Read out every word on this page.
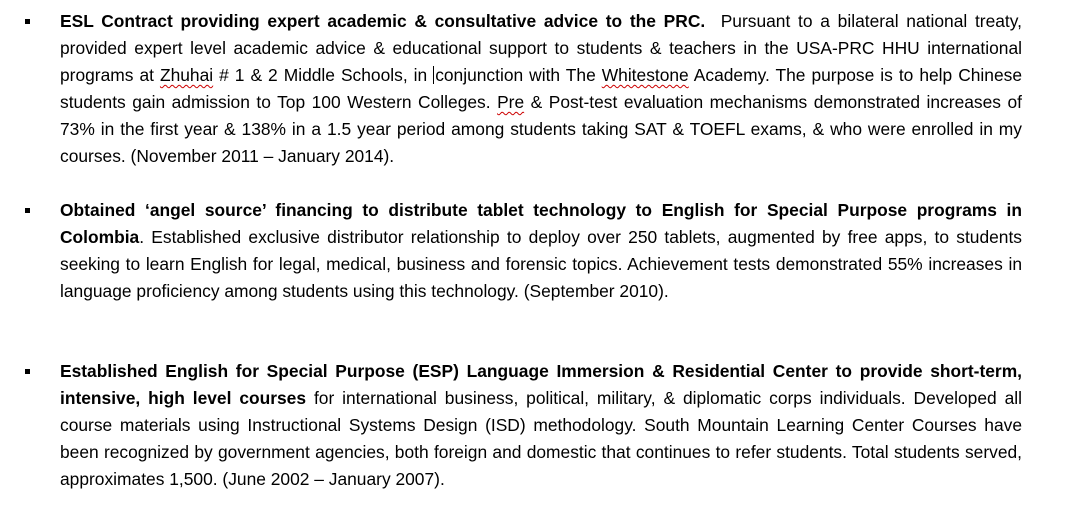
ESL Contract providing expert academic & consultative advice to the PRC. Pursuant to a bilateral national treaty, provided expert level academic advice & educational support to students & teachers in the USA-PRC HHU international programs at Zhuhai # 1 & 2 Middle Schools, in conjunction with The Whitestone Academy. The purpose is to help Chinese students gain admission to Top 100 Western Colleges. Pre & Post-test evaluation mechanisms demonstrated increases of 73% in the first year & 138% in a 1.5 year period among students taking SAT & TOEFL exams, & who were enrolled in my courses. (November 2011 – January 2014).

Obtained ‘angel source’ financing to distribute tablet technology to English for Special Purpose programs in Colombia. Established exclusive distributor relationship to deploy over 250 tablets, augmented by free apps, to students seeking to learn English for legal, medical, business and forensic topics. Achievement tests demonstrated 55% increases in language proficiency among students using this technology. (September 2010).

Established English for Special Purpose (ESP) Language Immersion & Residential Center to provide short-term, intensive, high level courses for international business, political, military, & diplomatic corps individuals. Developed all course materials using Instructional Systems Design (ISD) methodology. South Mountain Learning Center Courses have been recognized by government agencies, both foreign and domestic that continues to refer students. Total students served, approximates 1,500. (June 2002 – January 2007).
